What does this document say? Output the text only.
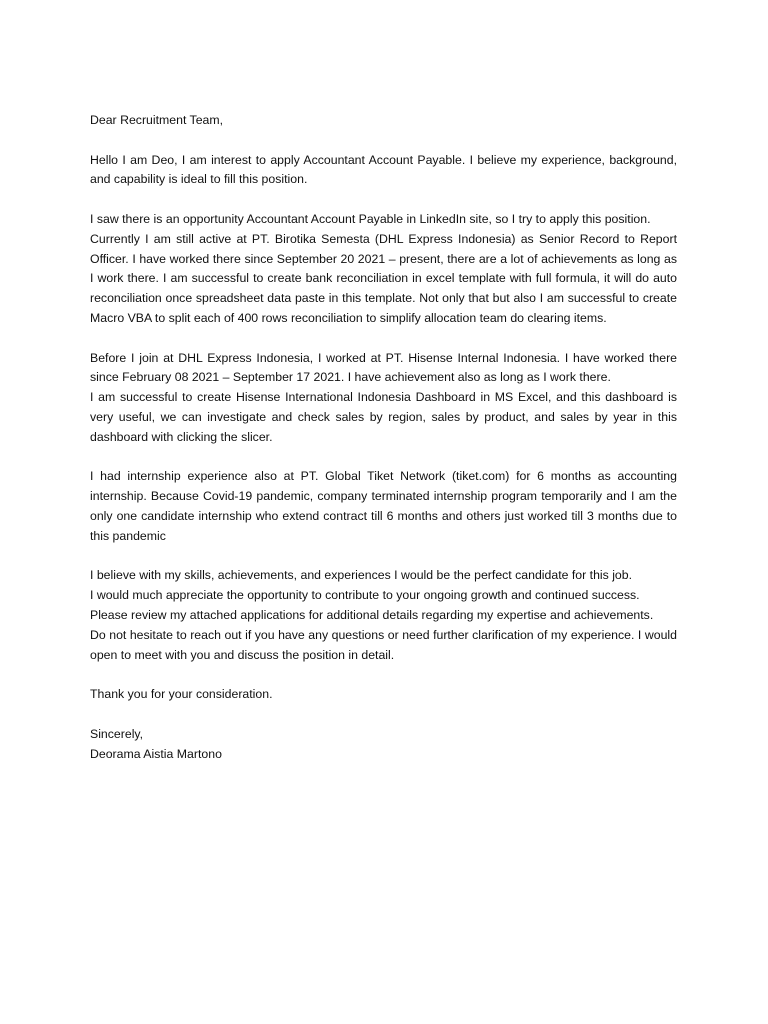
Dear Recruitment Team,

Hello I am Deo, I am interest to apply Accountant Account Payable. I believe my experience, background, and capability is ideal to fill this position.
I saw there is an opportunity Accountant Account Payable in LinkedIn site, so I try to apply this position.
Currently I am still active at PT. Birotika Semesta (DHL Express Indonesia) as Senior Record to Report Officer. I have worked there since September 20 2021 – present, there are a lot of achievements as long as I work there. I am successful to create bank reconciliation in excel template with full formula, it will do auto reconciliation once spreadsheet data paste in this template. Not only that but also I am successful to create Macro VBA to split each of 400 rows reconciliation to simplify allocation team do clearing items.
Before I join at DHL Express Indonesia, I worked at PT. Hisense Internal Indonesia. I have worked there since February 08 2021 – September 17 2021. I have achievement also as long as I work there.
I am successful to create Hisense International Indonesia Dashboard in MS Excel, and this dashboard is very useful, we can investigate and check sales by region, sales by product, and sales by year in this dashboard with clicking the slicer.
I had internship experience also at PT. Global Tiket Network (tiket.com) for 6 months as accounting internship. Because Covid-19 pandemic, company terminated internship program temporarily and I am the only one candidate internship who extend contract till 6 months and others just worked till 3 months due to this pandemic
I believe with my skills, achievements, and experiences I would be the perfect candidate for this job.
I would much appreciate the opportunity to contribute to your ongoing growth and continued success.
Please review my attached applications for additional details regarding my expertise and achievements.
Do not hesitate to reach out if you have any questions or need further clarification of my experience. I would open to meet with you and discuss the position in detail.
Thank you for your consideration.
Sincerely,
Deorama Aistia Martono
